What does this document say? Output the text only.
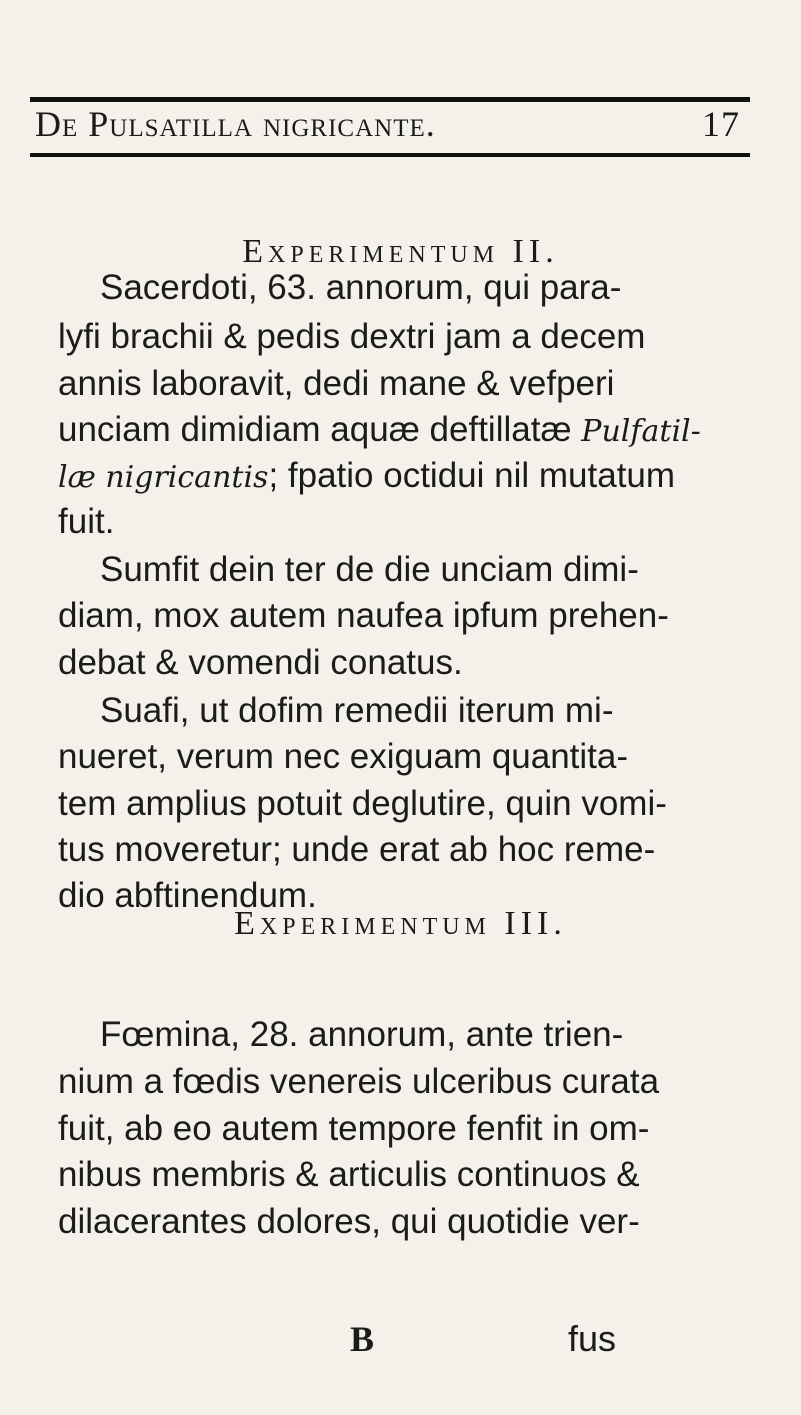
De Pulsatilla nigricante.	17
Experimentum II.
Sacerdoti, 63. annorum, qui para-
lyfi brachii & pedis dextri jam a decem
annis laboravit, dedi mane & vefperi
unciam dimidiam aquæ deftillatæ Pulfatil-
læ nigricantis; fpatio octidui nil mutatum
fuit.
Sumfit dein ter de die unciam dimi-
diam, mox autem naufea ipfum prehen-
debat & vomendi conatus.
Suafi, ut dofim remedii iterum mi-
nueret, verum nec exiguam quantita-
tem amplius potuit deglutire, quin vomi-
tus moveretur; unde erat ab hoc reme-
dio abftinendum.
Experimentum III.
Fœmina, 28. annorum, ante trien-
nium a fœdis venereis ulceribus curata
fuit, ab eo autem tempore fenfit in om-
nibus membris & articulis continuos &
dilacerantes dolores, qui quotidie ver-
B	fus
